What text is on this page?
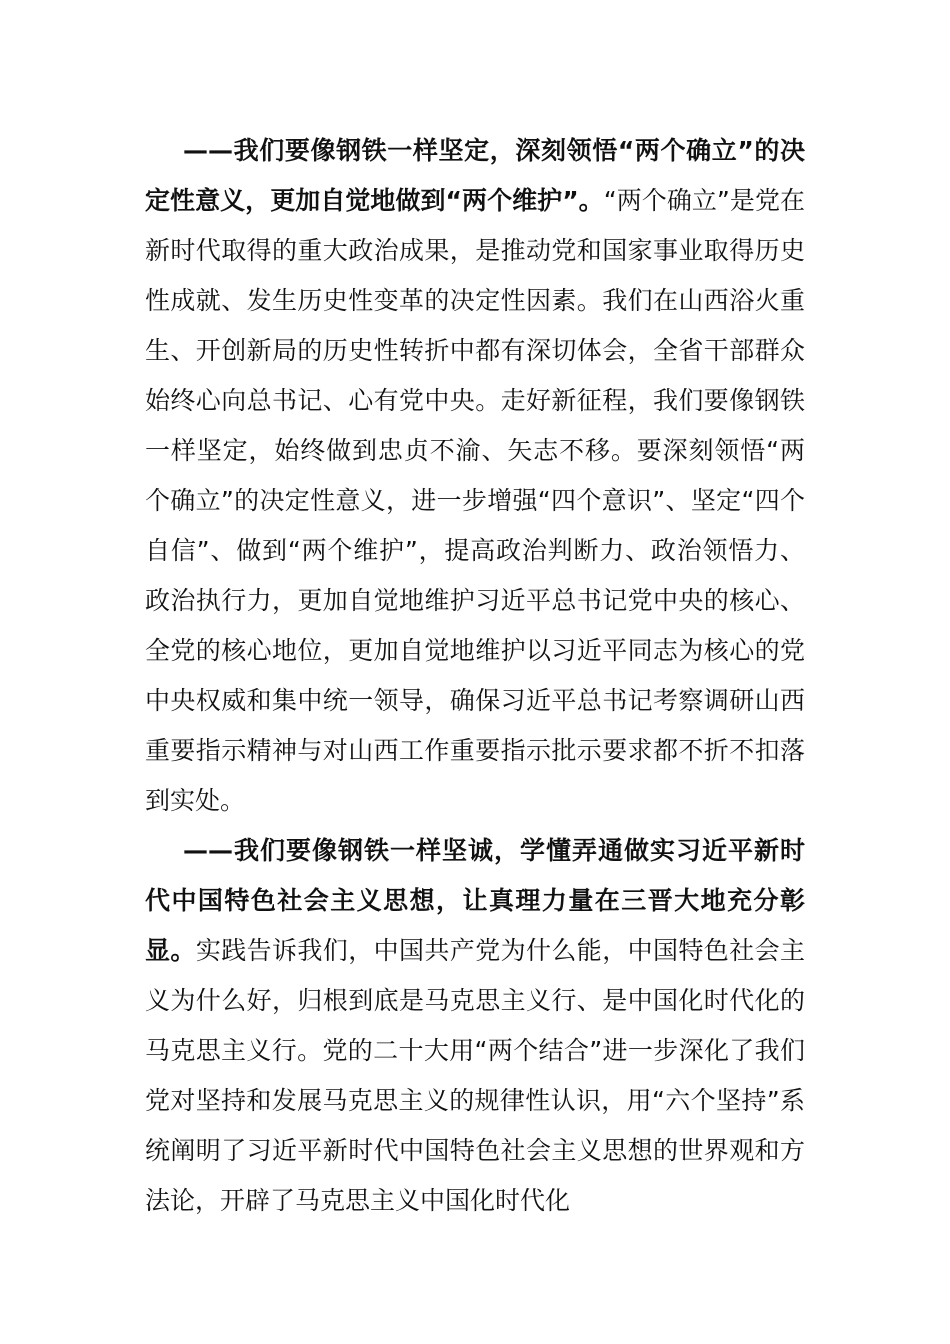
——我们要像钢铁一样坚定，深刻领悟“两个确立”的决定性意义，更加自觉地做到“两个维护”。“两个确立”是党在新时代取得的重大政治成果，是推动党和国家事业取得历史性成就、发生历史性变革的决定性因素。我们在山西浴火重生、开创新局的历史性转折中都有深切体会，全省干部群众始终心向总书记、心有党中央。走好新征程，我们要像钢铁一样坚定，始终做到忠贞不渝、矢志不移。要深刻领悟“两个确立”的决定性意义，进一步增强“四个意识”、坚定“四个自信”、做到“两个维护”，提高政治判断力、政治领悟力、政治执行力，更加自觉地维护习近平总书记党中央的核心、全党的核心地位，更加自觉地维护以习近平同志为核心的党中央权威和集中统一领导，确保习近平总书记考察调研山西重要指示精神与对山西工作重要指示批示要求都不折不扣落到实处。

——我们要像钢铁一样坚诚，学懂弄通做实习近平新时代中国特色社会主义思想，让真理力量在三晋大地充分彰显。实践告诉我们，中国共产党为什么能，中国特色社会主义为什么好，归根到底是马克思主义行、是中国化时代化的马克思主义行。党的二十大用“两个结合”进一步深化了我们党对坚持和发展马克思主义的规律性认识，用“六个坚持”系统阐明了习近平新时代中国特色社会主义思想的世界观和方法论，开辟了马克思主义中国化时代化
